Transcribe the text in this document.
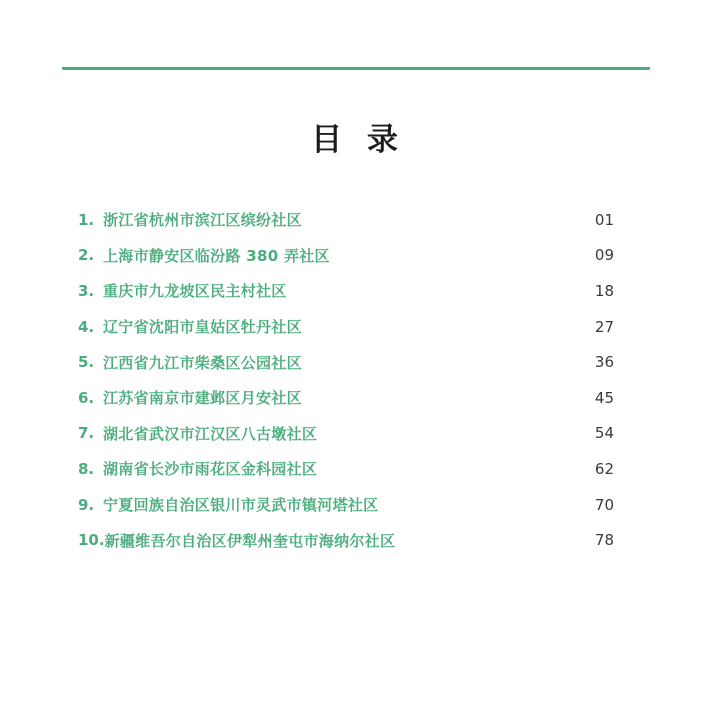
目 录
1. 浙江省杭州市滨江区缤纷社区	01
2. 上海市静安区临汾路 380 弄社区	09
3. 重庆市九龙坡区民主村社区	18
4. 辽宁省沈阳市皇姑区牡丹社区	27
5. 江西省九江市柴桑区公园社区	36
6. 江苏省南京市建邺区月安社区	45
7. 湖北省武汉市江汉区八古墩社区	54
8. 湖南省长沙市雨花区金科园社区	62
9. 宁夏回族自治区银川市灵武市镇河塔社区	70
10. 新疆维吾尔自治区伊犁州奎屯市海纳尔社区	78
